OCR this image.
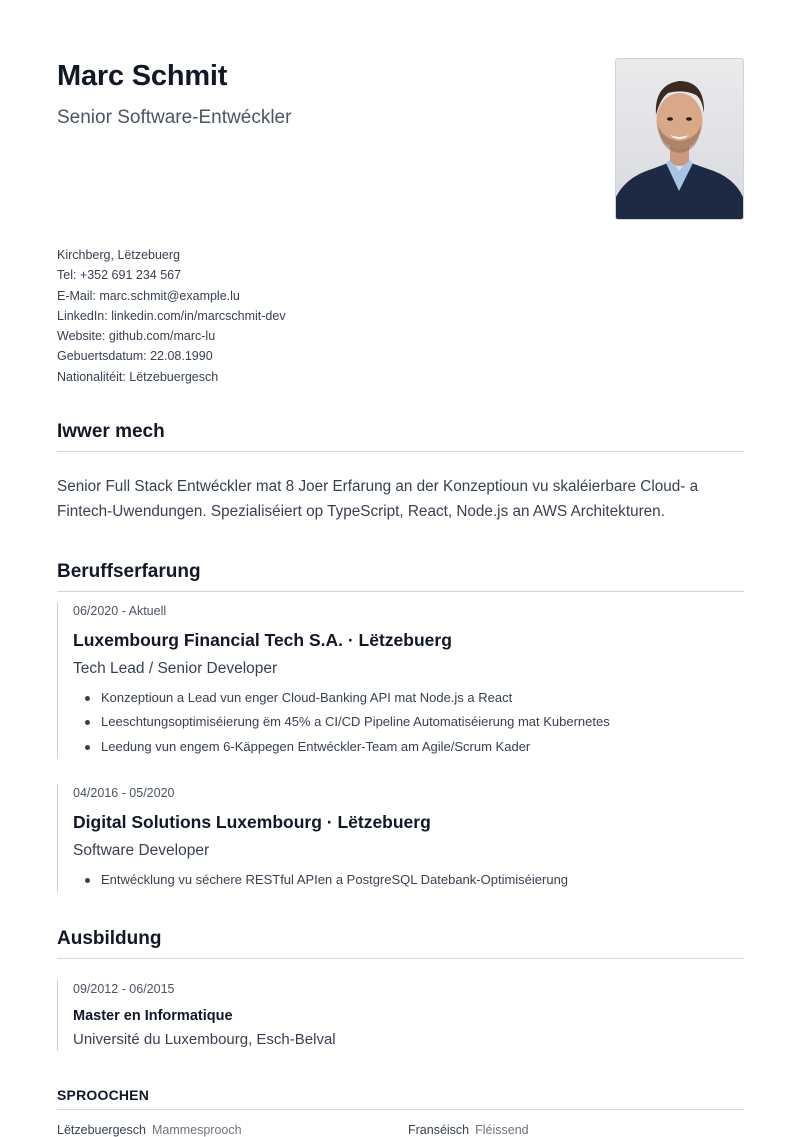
Marc Schmit

Senior Software-Entwéckler

Kirchberg, Lëtzebuerg
Tel: +352 691 234 567
E-Mail: marc.schmit@example.lu
LinkedIn: linkedin.com/in/marcschmit-dev
Website: github.com/marc-lu
Gebuertsdatum: 22.08.1990
Nationalitéit: Lëtzebuergesch
Iwwer mech

Senior Full Stack Entwéckler mat 8 Joer Erfarung an der Konzeptioun vu skaléierbare Cloud- a Fintech-Uwendungen. Spezialiséiert op TypeScript, React, Node.js an AWS Architekturen.

Beruffserfarung
06/2020 - Aktuell
Luxembourg Financial Tech S.A. · Lëtzebuerg
Tech Lead / Senior Developer
Konzeptioun a Lead vun enger Cloud-Banking API mat Node.js a React
Leeschtungsoptimiséierung ëm 45% a CI/CD Pipeline Automatiséierung mat Kubernetes
Leedung vun engem 6-Käppegen Entwéckler-Team am Agile/Scrum Kader
04/2016 - 05/2020
Digital Solutions Luxembourg · Lëtzebuerg
Software Developer
Entwécklung vu séchere RESTful APIen a PostgreSQL Datebank-Optimiséierung
Ausbildung
09/2012 - 06/2015
Master en Informatique
Université du Luxembourg, Esch-Belval
SPROOCHEN
Lëtzebuergesch Mammesprooch	Franséisch Fléissend
